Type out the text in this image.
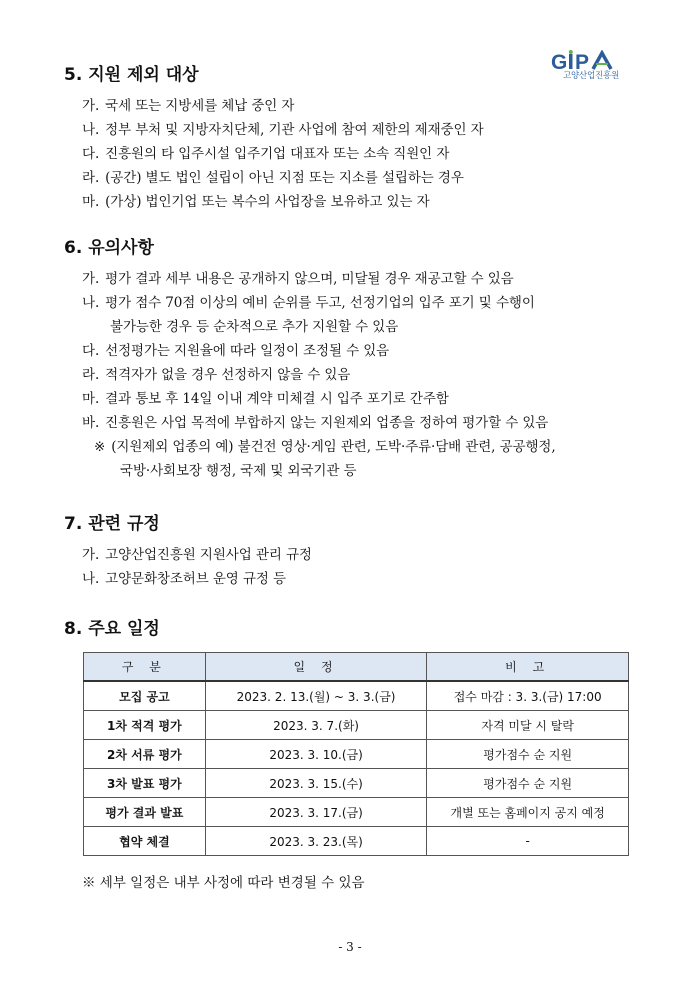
G P
고양산업진흥원
5. 지원 제외 대상
가. 국세 또는 지방세를 체납 중인 자
나. 정부 부처 및 지방자치단체, 기관 사업에 참여 제한의 제재중인 자
다. 진흥원의 타 입주시설 입주기업 대표자 또는 소속 직원인 자
라. (공간) 별도 법인 설립이 아닌 지점 또는 지소를 설립하는 경우
마. (가상) 법인기업 또는 복수의 사업장을 보유하고 있는 자
6. 유의사항
가. 평가 결과 세부 내용은 공개하지 않으며, 미달될 경우 재공고할 수 있음
나. 평가 점수 70점 이상의 예비 순위를 두고, 선정기업의 입주 포기 및 수행이
불가능한 경우 등 순차적으로 추가 지원할 수 있음
다. 선정평가는 지원율에 따라 일정이 조정될 수 있음
라. 적격자가 없을 경우 선정하지 않을 수 있음
마. 결과 통보 후 14일 이내 계약 미체결 시 입주 포기로 간주함
바. 진흥원은 사업 목적에 부합하지 않는 지원제외 업종을 정하여 평가할 수 있음
※ (지원제외 업종의 예) 불건전 영상·게임 관련, 도박·주류·담배 관련, 공공행정,
국방·사회보장 행정, 국제 및 외국기관 등
7. 관련 규정
가. 고양산업진흥원 지원사업 관리 규정
나. 고양문화창조허브 운영 규정 등
8. 주요 일정
구 분	일 정	비 고
모집 공고	2023. 2. 13.(월) ~ 3. 3.(금)	접수 마감 : 3. 3.(금) 17:00
1차 적격 평가	2023. 3. 7.(화)	자격 미달 시 탈락
2차 서류 평가	2023. 3. 10.(금)	평가점수 순 지원
3차 발표 평가	2023. 3. 15.(수)	평가점수 순 지원
평가 결과 발표	2023. 3. 17.(금)	개별 또는 홈페이지 공지 예정
협약 체결	2023. 3. 23.(목)	-
※ 세부 일정은 내부 사정에 따라 변경될 수 있음
- 3 -
